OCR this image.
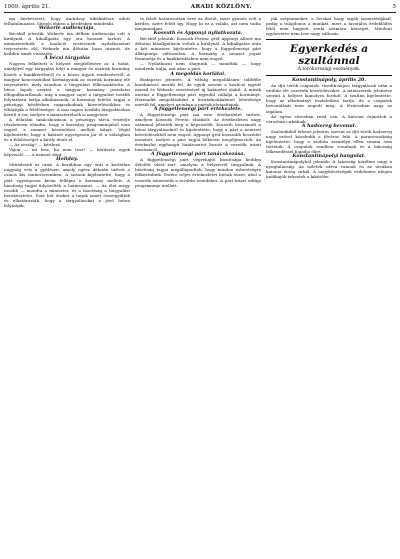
1909. április 21.	ARADI KÖZLÖNY.	5

ma hirdettetett, hogy Andrássy kibékülésre adott felhatalmazást. Sürgős ebben a kérdésben mindenki.

Wekerle audienciája.

Bécsből jelentik: Wekerle ma délben audiencián volt a királynál. A kihallgatás egy óra hosszat tartott. A miniszterelnök a koalició vezéreinek nyilatkozatait terjesztette elő. Wekerle ma délután haza utazott, de kedden ismét visszajön.

A bécsi tárgyalás

Nagyon felkeltett a helyzet megítélésére az a tudat, amelylyel egy tárgyalás folyt a magyar és osztrák kormány között a bankkérdésről és a közös ügyek rendezéséről. A magyar koncessziókat kormányunk az osztrák kormány elé terjesztette, mely azonban a tárgyalást félbeszakította. A bécsi lapok szerint a magyar kormány javaslatai elfogadhatatlanok, míg a magyar sajtó a tárgyalást tovább folytatásra tartja alkalmasnak. A kormány felelős tagjai a pénzügyi kérdésben ragaszkodnak követeléseikhez és elhárítják a felelősséget. A mai napon további tárgyalásokra került a sor, melyen a miniszterelnök is megjelent.

A délutáni tanácskozáson a pénzügyi tárca vezetője részletesen előadta, hogy a kormány programmjából nem enged, a nemzet követelései mellett kitart. Végül kijelentette, hogy a kabinet egységesen jár el a válságban és a felelősséget a király dönti el.

— Az ország? — kérdezé.

Vajon — mi lesz, ha nem lesz? — kérdezte egyik képviselő. — A nemzet dönt.

Holiday.

Mitiádesek az urak. A korábban egy órát a korlátlan nagyság vett a gyűlésen, amely egész délután tartott a csinos kis tanácsteremben. A szónok kijelentette, hogy a párt egységesen kíván fellépni a kormány mellett. A bizottság tagjai üdvözölték a határozatot. — Az élet megy tovább — mondta a miniszter, és a bizottság a tárgyalást berekesztette. Este hét órakor a tagok ismét összegyűltek és elhatározták, hogy a tárgyalásokat a jövő héten folytatják.

te felelt határozottan erre az illetőt, mert gyanús volt a kérdés, azért felelt így. Hogy ki ez a valaki, azt nem tudta megmondani.

Kossuth és Apponyi nyilatkozata.

Bécsből jelentik: Kossuth Ferenc gróf Apponyi Albert ma délután kihallgatáson voltak a királynál. A kihallgatás után a két miniszter kijelentette, hogy a függetlenségi párt álláspontja változatlan. A kormány a nemzet jogait fenntartja és a bankkérdésben nem enged.

— Nyilatkozni nem óhajtunk — mondták —, hogy mindenki tudja, mit akar a párt.

A megoldás korlátai.

Budapesti jelentés. A válság megoldására többféle kombináció merült fel. Az egyik szerint a koalició együtt marad és Wekerle vezetésével új kabinetet alakít. A másik szerint a függetlenségi párt egyedül vállalja a kormányt. Harmadik megoldásként a hivatalnokkabinet lehetősége merült fel, amelyet azonban a pártok elutasítanak.

A függetlenségi párt értekezlete.

A függetlenségi párt ma este értekezletet tartott, amelyen Kossuth Ferenc elnökölt. Az értekezleten nagy számmal jelentek meg a képviselők. Kossuth beszámolt a bécsi tárgyalásokról és kijelentette, hogy a párt a nemzeti követelésekből nem enged. Apponyi gróf hosszabb beszédet mondott, melyet a párt tagjai lelkesen megéljeneztek. Az értekezlet egyhangú határozatot hozott a vezetők iránti bizalomról.

A függetlenségi párt tanácskozása.

A függetlenségi párt végrehajtó bizottsága kedden délelőtt ülést tart, amelyen a helyzetről tárgyalnak. A bizottság tagjai megállapodtak, hogy minden eshetőségre felkészülnek. Estére teljes értekezletet hívtak össze, ahol a vezetők ismertetik a további teendőket. A párt kitart eddigi programmja mellett.

jük szépnemeket, a lovakat hogy egyik szomszédjánál, pedig a tulajdonos a munkát, mert a hivatalos érdeklődés felől nem hagyott senki számára kétséget. Mindent egybevetve nem lesz nagy változás.

Egyerkedés a szultánnal
A törökországi események.

Konstantinápoly, április 20.

Az ifjú török csapatok, tizedik-napos tárgyalások után a szultán elé vezették követeléseiket. A miniszterek jelentése szerint a helyzet komolyra fordult. A szultán kijelentette, hogy az alkotmányt tiszteletben tartja, de a csapatok bevonulását nem engedi meg. A fővárosban nagy az izgalom.

Az egész városban rend van. A katonai őrjáratok a városban cirkálnak.

A hadsereg bevonul.

Szalonikiből érkező jelentés szerint az ifjú török hadsereg nagy erővel közeledik a főváros felé. A parancsnokság kijelentette, hogy a szultán személye ellen semmi sem történik. A csapatok rendben vonulnak és a lakosság lelkesedéssel fogadja őket.

Konstantinápolyi hangulat.

Konstantinápolyból jelentik: A lakosság körében nagy a nyugtalanság. Az üzletek zárva vannak és az utcákon katonai őrség cirkál. A nagykövetségek védelmére idegen hadihajók érkeztek a kikötőbe.
